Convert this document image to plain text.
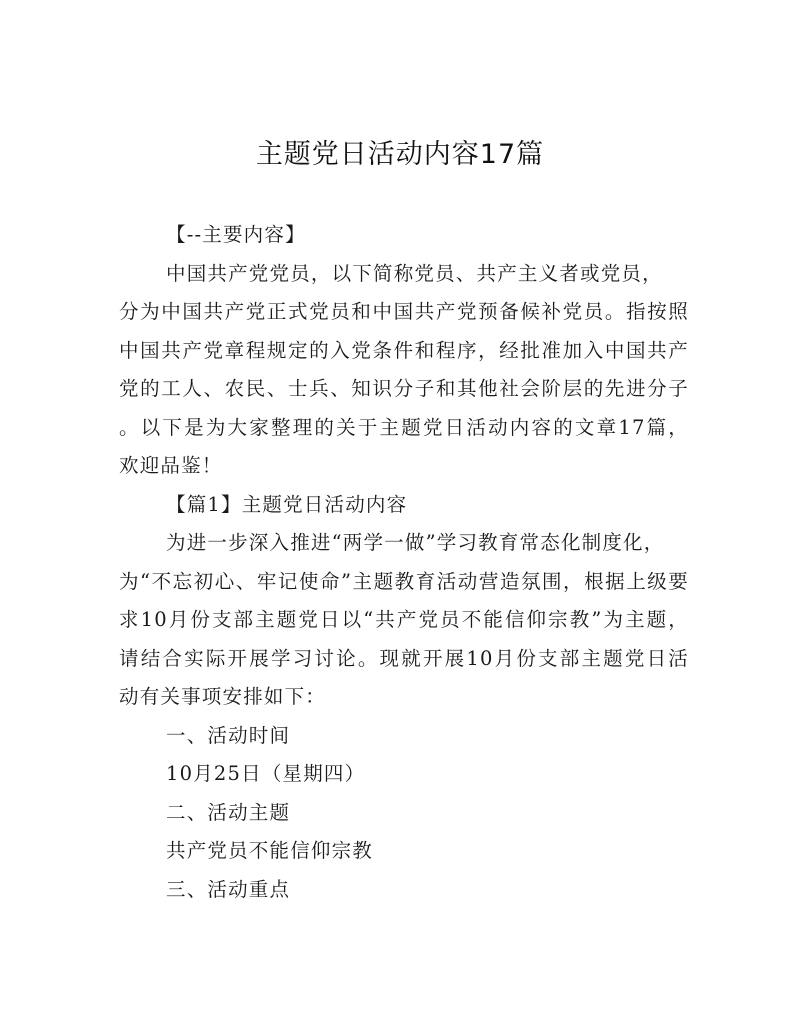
主题党日活动内容17篇
【--主要内容】
中国共产党党员，以下简称党员、共产主义者或党员，
分为中国共产党正式党员和中国共产党预备候补党员。指按照
中国共产党章程规定的入党条件和程序，经批准加入中国共产
党的工人、农民、士兵、知识分子和其他社会阶层的先进分子
。以下是为大家整理的关于主题党日活动内容的文章17篇，
欢迎品鉴！
【篇1】主题党日活动内容
为进一步深入推进“两学一做”学习教育常态化制度化，
为“不忘初心、牢记使命”主题教育活动营造氛围，根据上级要
求10月份支部主题党日以“共产党员不能信仰宗教”为主题，
请结合实际开展学习讨论。现就开展10月份支部主题党日活
动有关事项安排如下：
一、活动时间
10月25日（星期四）
二、活动主题
共产党员不能信仰宗教
三、活动重点
